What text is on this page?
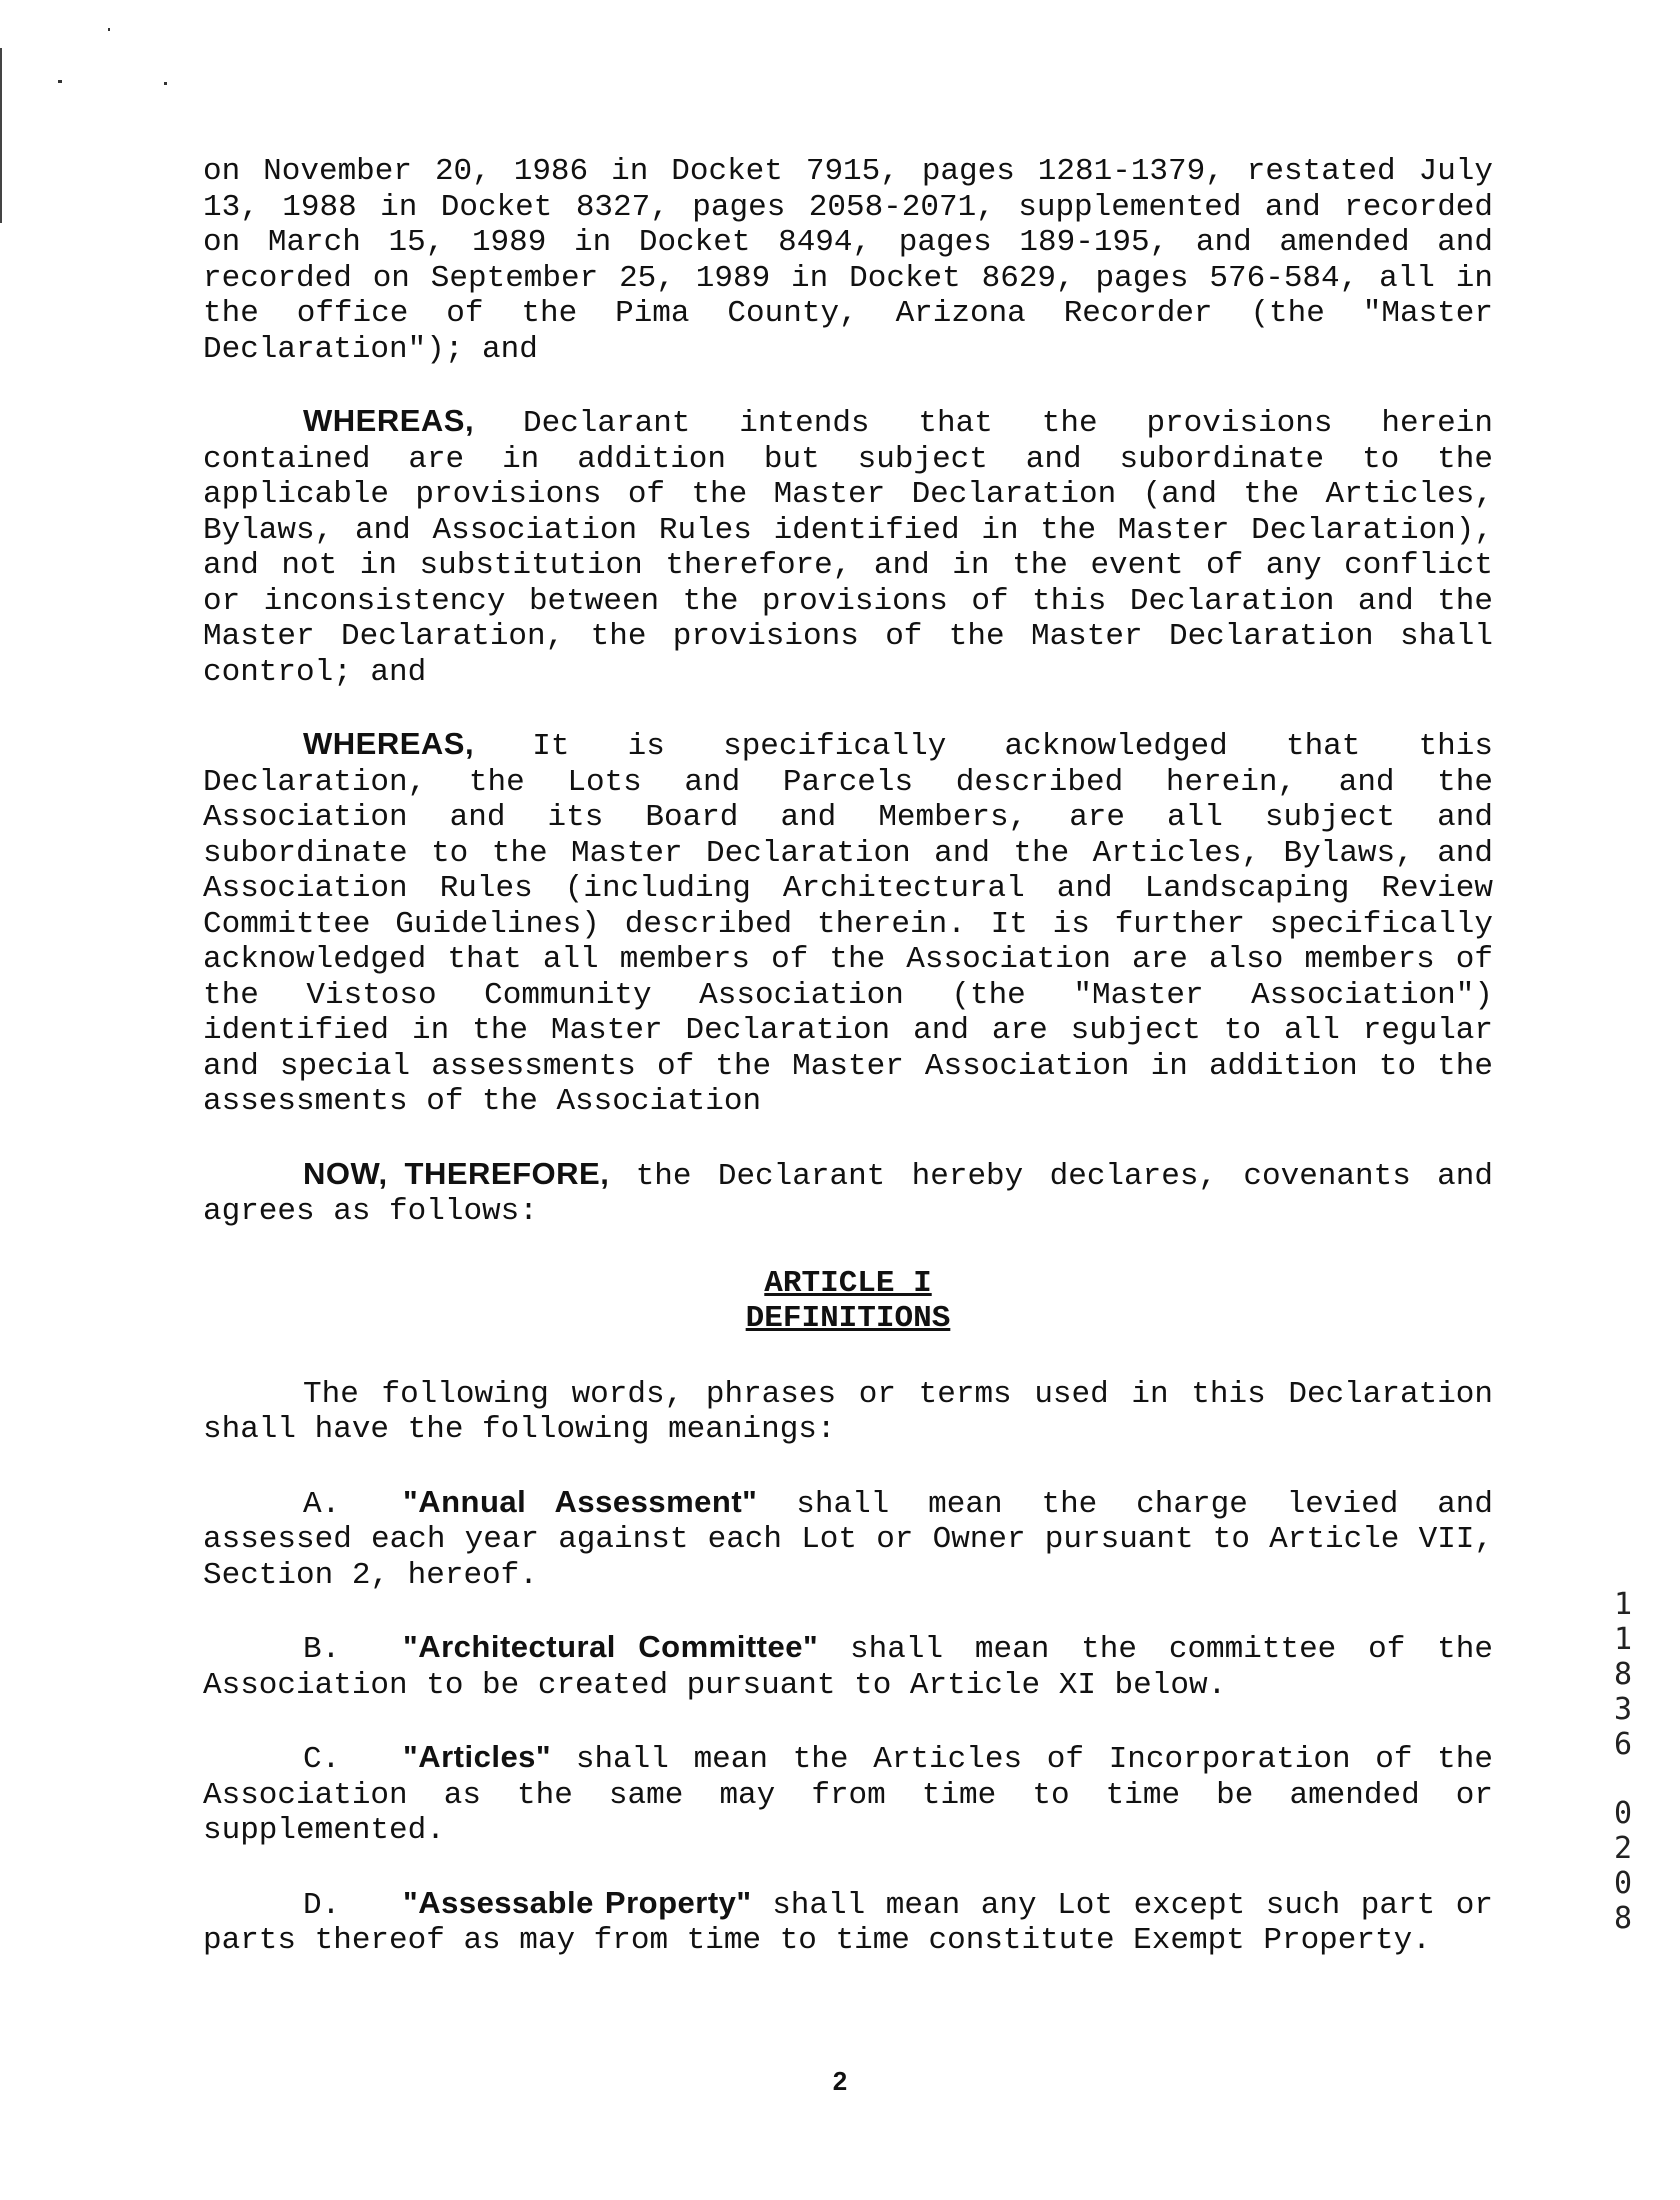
on November 20, 1986 in Docket 7915, pages 1281-1379, restated July 13, 1988 in Docket 8327, pages 2058-2071, supplemented and recorded on March 15, 1989 in Docket 8494, pages 189-195, and amended and recorded on September 25, 1989 in Docket 8629, pages 576-584, all in the office of the Pima County, Arizona Recorder (the "Master Declaration"); and

WHEREAS, Declarant intends that the provisions herein contained are in addition but subject and subordinate to the applicable provisions of the Master Declaration (and the Articles, Bylaws, and Association Rules identified in the Master Declaration), and not in substitution therefore, and in the event of any conflict or inconsistency between the provisions of this Declaration and the Master Declaration, the provisions of the Master Declaration shall control; and

WHEREAS, It is specifically acknowledged that this Declaration, the Lots and Parcels described herein, and the Association and its Board and Members, are all subject and subordinate to the Master Declaration and the Articles, Bylaws, and Association Rules (including Architectural and Landscaping Review Committee Guidelines) described therein. It is further specifically acknowledged that all members of the Association are also members of the Vistoso Community Association (the "Master Association") identified in the Master Declaration and are subject to all regular and special assessments of the Master Association in addition to the assessments of the Association

NOW, THEREFORE, the Declarant hereby declares, covenants and agrees as follows:

ARTICLE I

DEFINITIONS

The following words, phrases or terms used in this Declaration shall have the following meanings:

A. "Annual Assessment" shall mean the charge levied and assessed each year against each Lot or Owner pursuant to Article VII, Section 2, hereof.

B. "Architectural Committee" shall mean the committee of the Association to be created pursuant to Article XI below.

C. "Articles" shall mean the Articles of Incorporation of the Association as the same may from time to time be amended or supplemented.

D. "Assessable Property" shall mean any Lot except such part or parts thereof as may from time to time constitute Exempt Property.

1
1
8
3
6
0
2
0
8
2
